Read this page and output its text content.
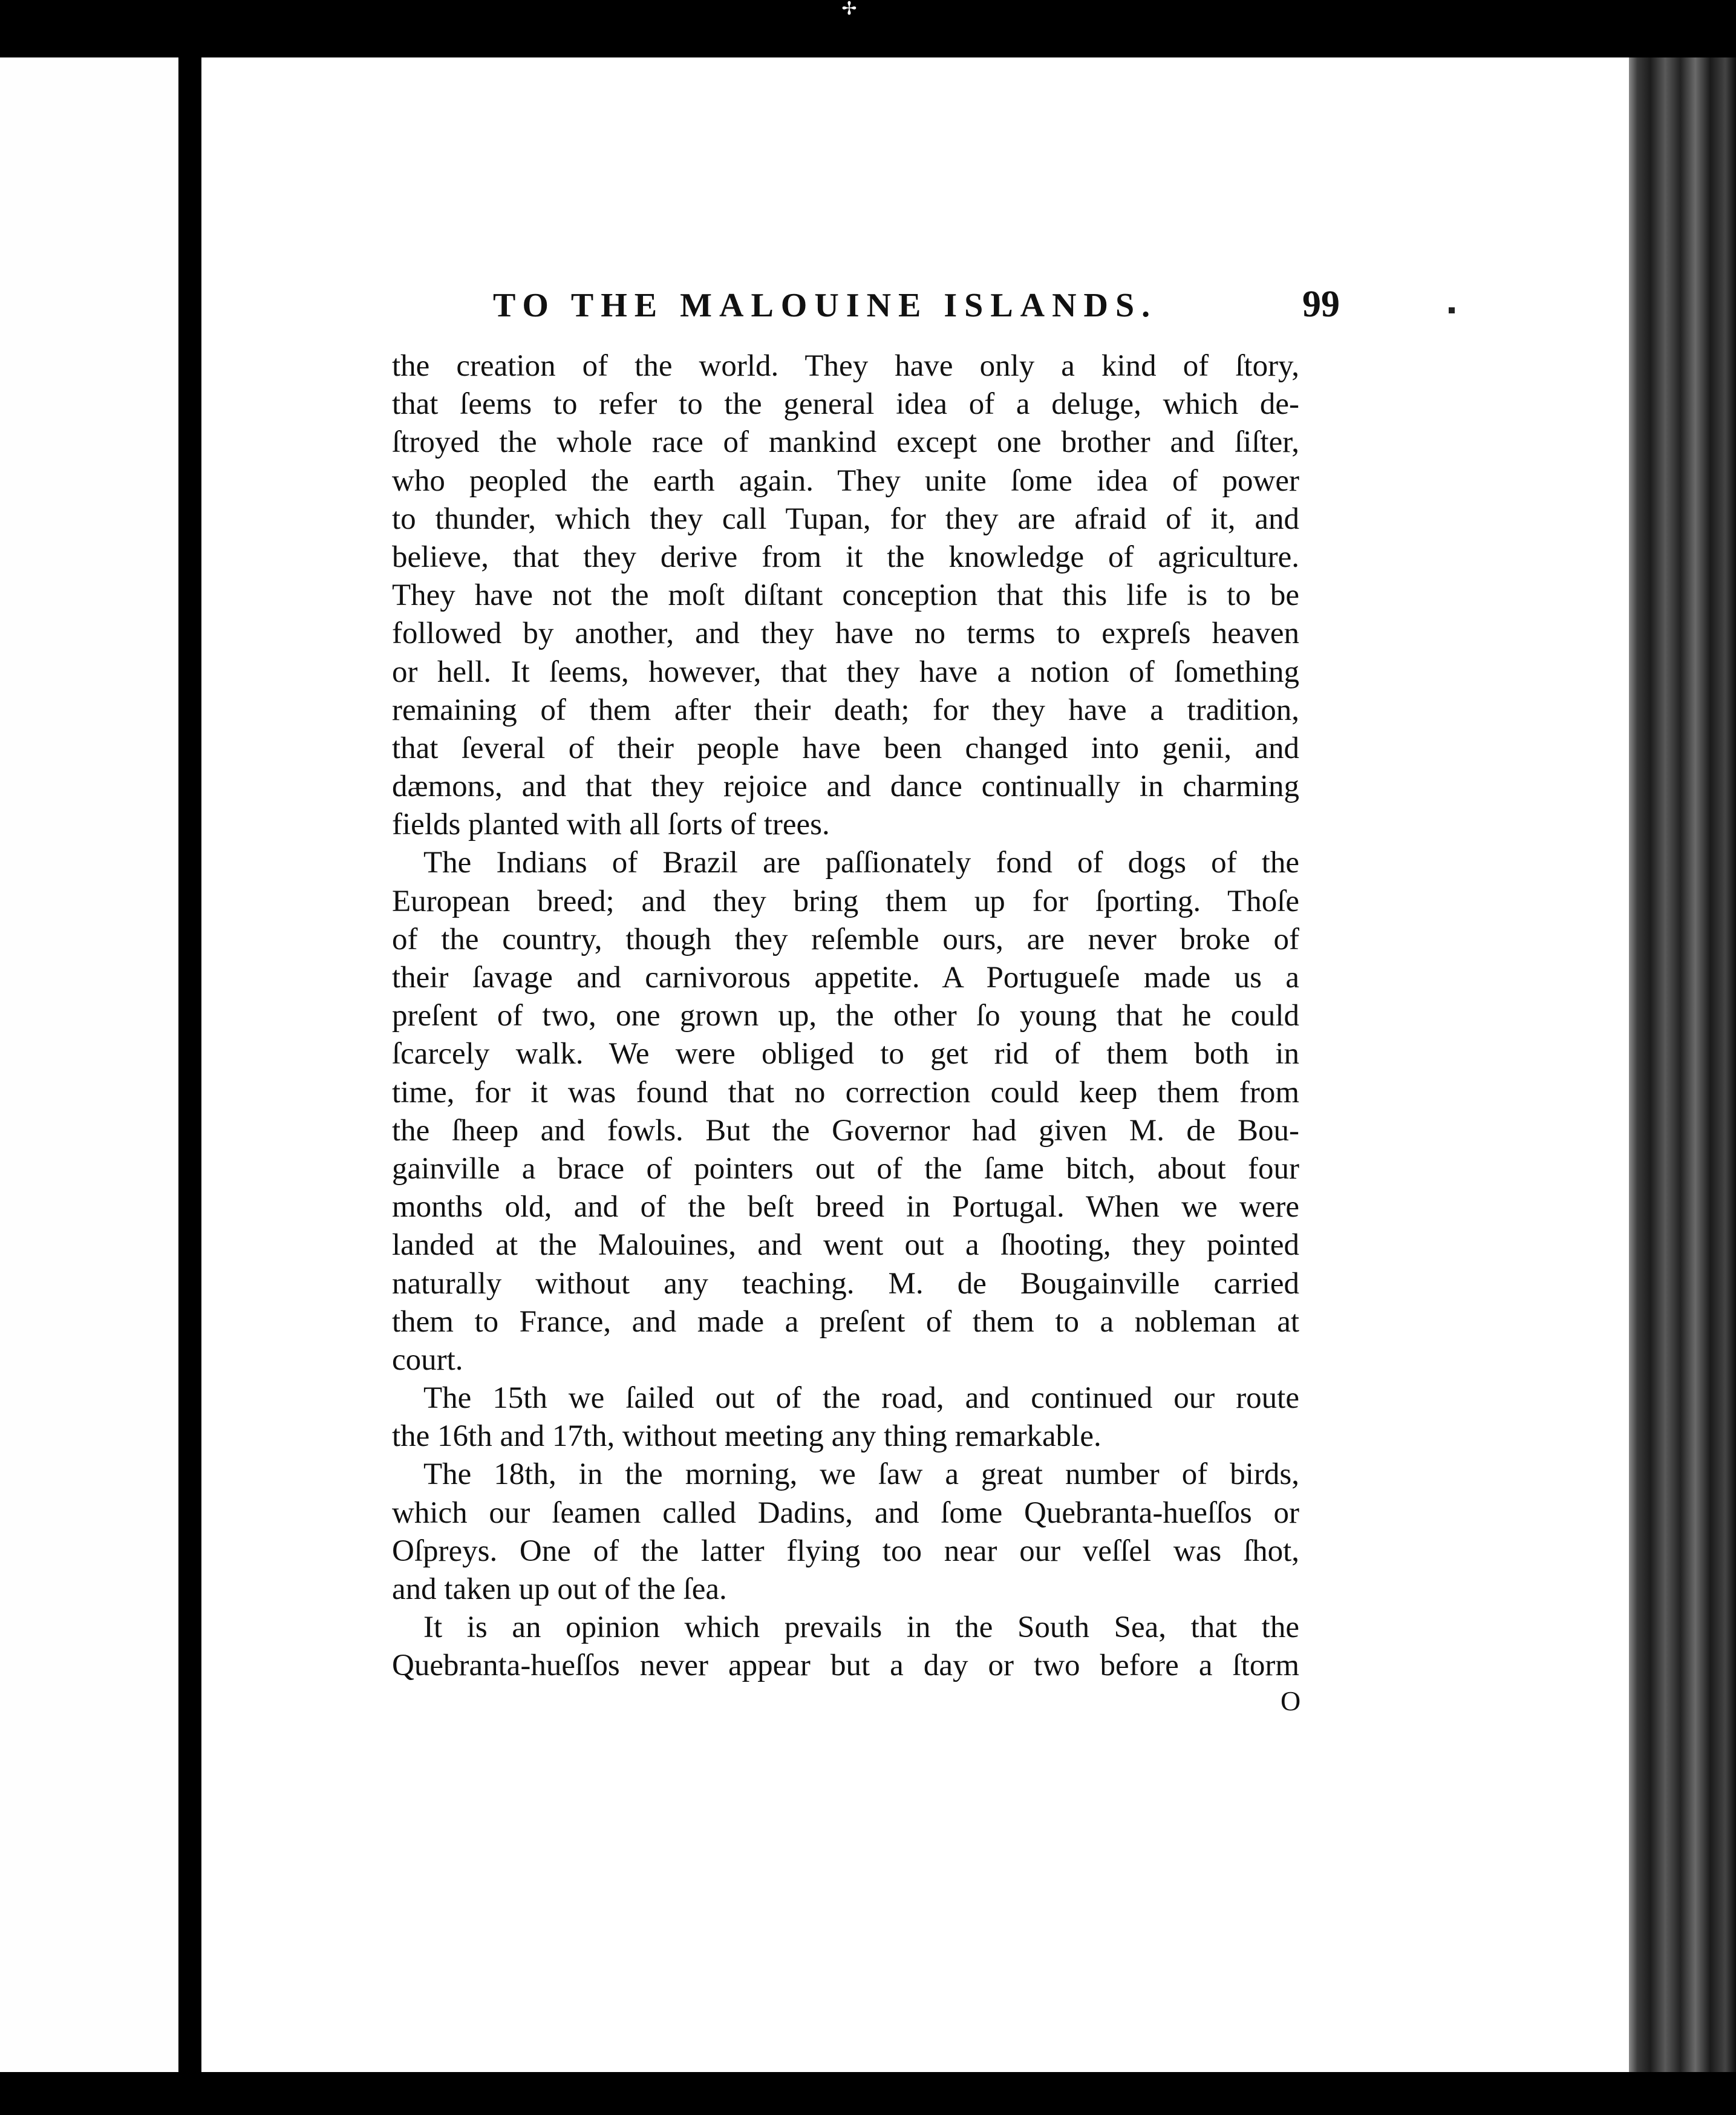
✢
TO THE MALOUINE ISLANDS.	99
the creation of the world. They have only a kind of ſtory,
that ſeems to refer to the general idea of a deluge, which de-
ſtroyed the whole race of mankind except one brother and ſiſter,
who peopled the earth again. They unite ſome idea of power
to thunder, which they call Tupan, for they are afraid of it, and
believe, that they derive from it the knowledge of agriculture.
They have not the moſt diſtant conception that this life is to be
followed by another, and they have no terms to expreſs heaven
or hell. It ſeems, however, that they have a notion of ſomething
remaining of them after their death; for they have a tradition,
that ſeveral of their people have been changed into genii, and
dæmons, and that they rejoice and dance continually in charming
fields planted with all ſorts of trees.
The Indians of Brazil are paſſionately fond of dogs of the
European breed; and they bring them up for ſporting. Thoſe
of the country, though they reſemble ours, are never broke of
their ſavage and carnivorous appetite. A Portugueſe made us a
preſent of two, one grown up, the other ſo young that he could
ſcarcely walk. We were obliged to get rid of them both in
time, for it was found that no correction could keep them from
the ſheep and fowls. But the Governor had given M. de Bou-
gainville a brace of pointers out of the ſame bitch, about four
months old, and of the beſt breed in Portugal. When we were
landed at the Malouines, and went out a ſhooting, they pointed
naturally without any teaching. M. de Bougainville carried
them to France, and made a preſent of them to a nobleman at
court.
The 15th we ſailed out of the road, and continued our route
the 16th and 17th, without meeting any thing remarkable.
The 18th, in the morning, we ſaw a great number of birds,
which our ſeamen called Dadins, and ſome Quebranta-hueſſos or
Oſpreys. One of the latter flying too near our veſſel was ſhot,
and taken up out of the ſea.
It is an opinion which prevails in the South Sea, that the
Quebranta-hueſſos never appear but a day or two before a ſtorm
O
